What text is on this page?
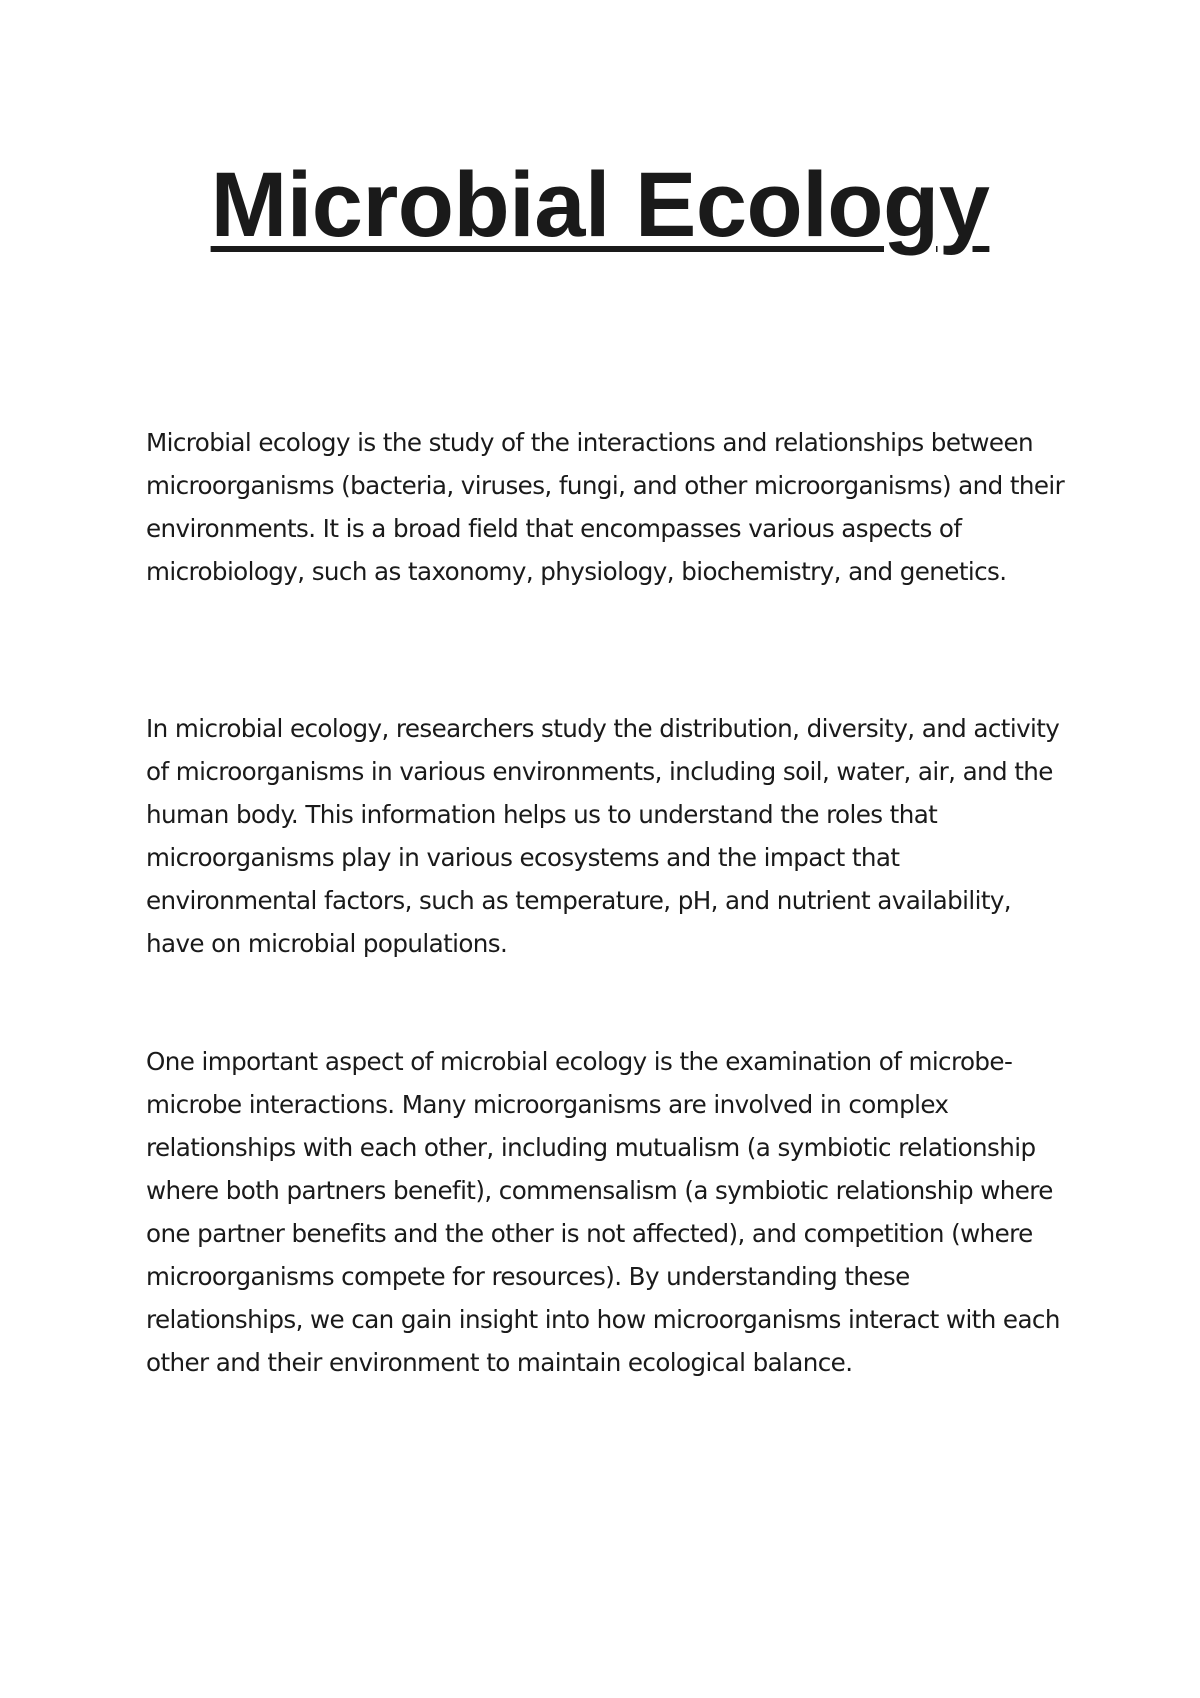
Microbial Ecology

Microbial ecology is the study of the interactions and relationships between microorganisms (bacteria, viruses, fungi, and other microorganisms) and their environments. It is a broad field that encompasses various aspects of microbiology, such as taxonomy, physiology, biochemistry, and genetics.

In microbial ecology, researchers study the distribution, diversity, and activity of microorganisms in various environments, including soil, water, air, and the human body. This information helps us to understand the roles that microorganisms play in various ecosystems and the impact that environmental factors, such as temperature, pH, and nutrient availability, have on microbial populations.

One important aspect of microbial ecology is the examination of microbe-microbe interactions. Many microorganisms are involved in complex relationships with each other, including mutualism (a symbiotic relationship where both partners benefit), commensalism (a symbiotic relationship where one partner benefits and the other is not affected), and competition (where microorganisms compete for resources). By understanding these relationships, we can gain insight into how microorganisms interact with each other and their environment to maintain ecological balance.
